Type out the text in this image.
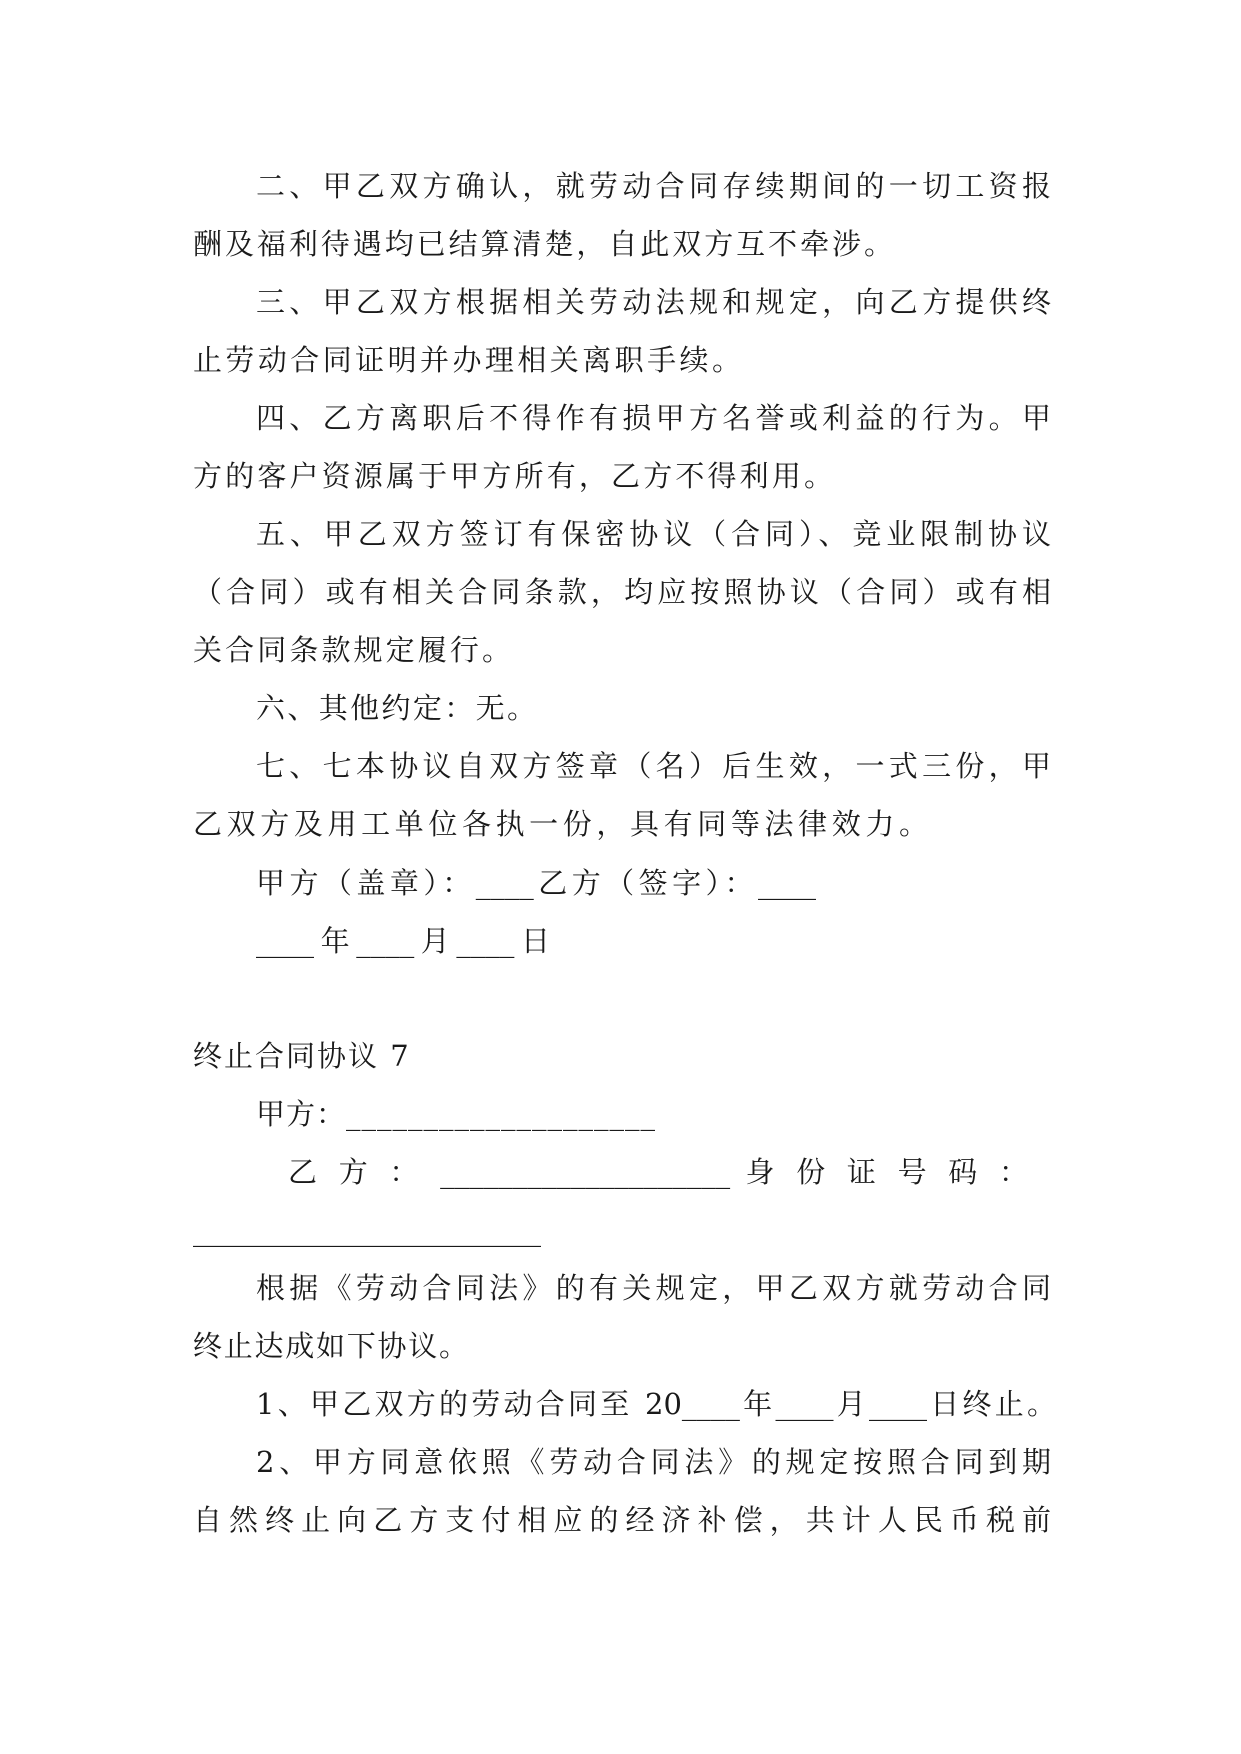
二、甲乙双方确认，就劳动合同存续期间的一切工资报
酬及福利待遇均已结算清楚，自此双方互不牵涉。
三、甲乙双方根据相关劳动法规和规定，向乙方提供终
止劳动合同证明并办理相关离职手续。
四、乙方离职后不得作有损甲方名誉或利益的行为。甲
方的客户资源属于甲方所有，乙方不得利用。
五、甲乙双方签订有保密协议（合同）、竞业限制协议
（合同）或有相关合同条款，均应按照协议（合同）或有相
关合同条款规定履行。
六、其他约定：无。
七、七本协议自双方签章（名）后生效，一式三份，甲
乙双方及用工单位各执一份，具有同等法律效力。
甲方（盖章）：____乙方（签字）：____
____年____月____日
终止合同协议 7
甲方：____________________
乙 方 ： ____________________ 身 份 证 号 码 ：
________________________
根据《劳动合同法》的有关规定，甲乙双方就劳动合同
终止达成如下协议。
1、甲乙双方的劳动合同至 20____年____月____日终止。
2、甲方同意依照《劳动合同法》的规定按照合同到期
自然终止向乙方支付相应的经济补偿，共计人民币税前
